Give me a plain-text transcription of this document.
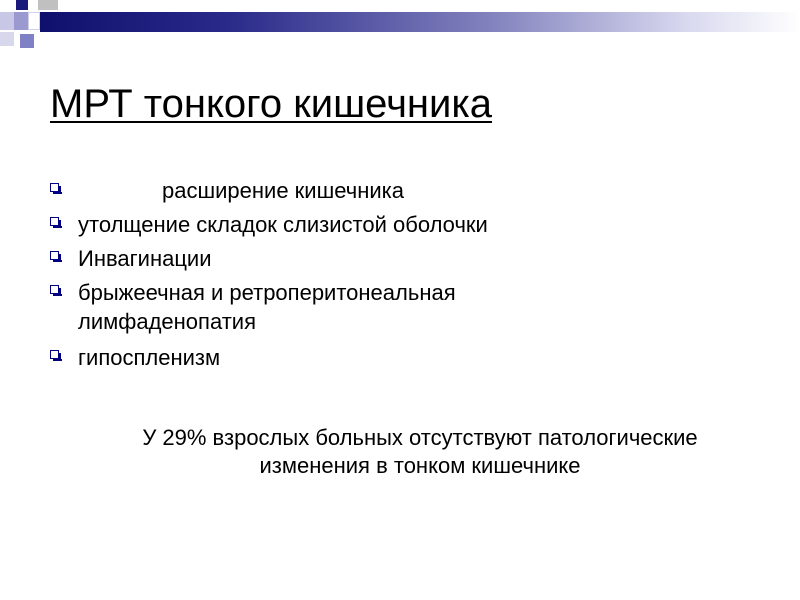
МРТ тонкого кишечника
расширение кишечника
утолщение складок слизистой оболочки
Инвагинации
брыжеечная и ретроперитонеальная лимфаденопатия
гипоспленизм
У 29% взрослых больных отсутствуют патологические
изменения в тонком кишечнике
